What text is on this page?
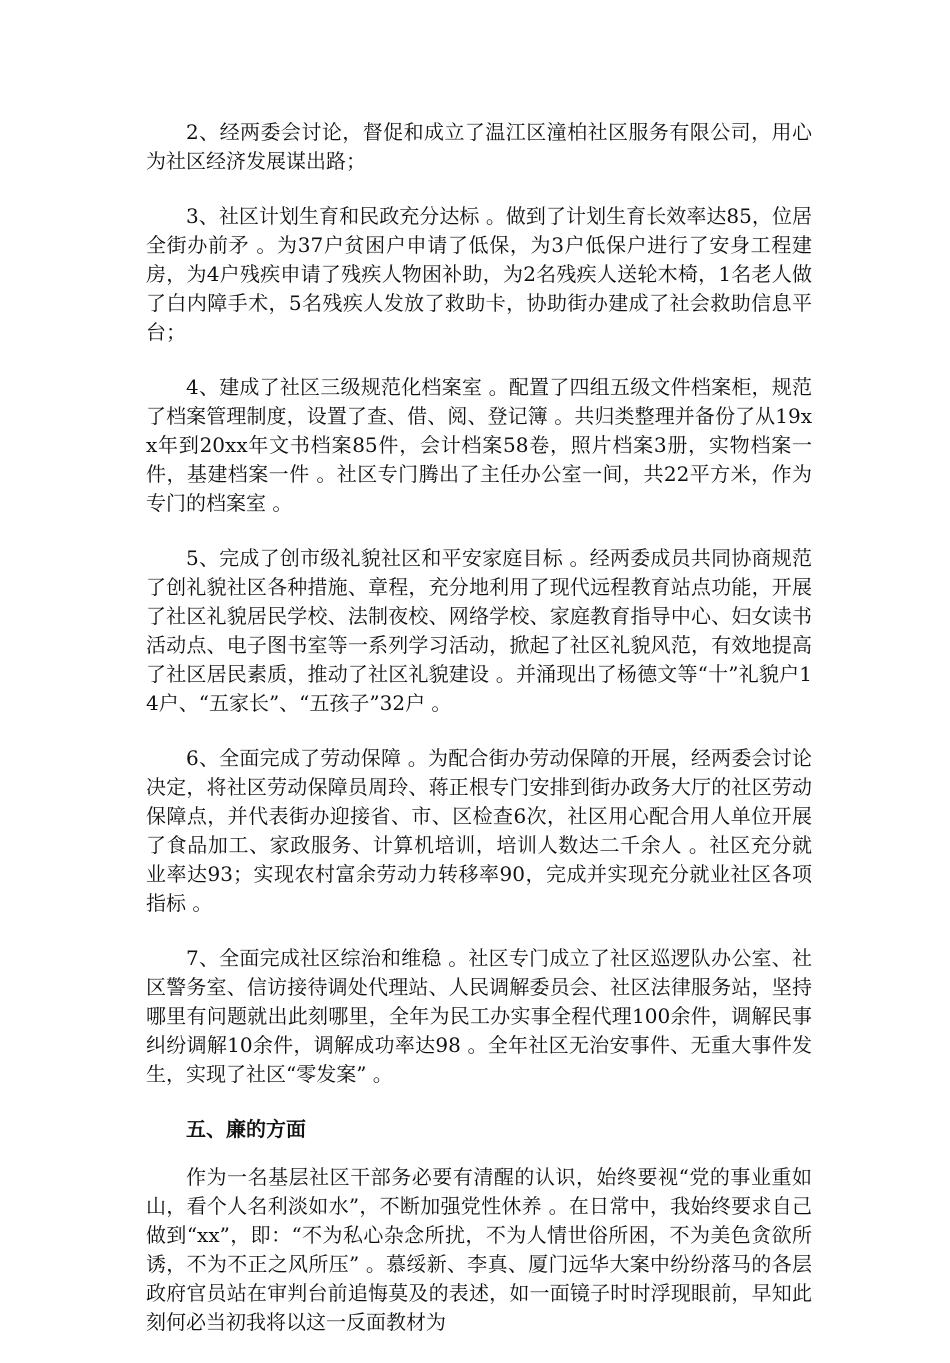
2、经两委会讨论，督促和成立了温江区潼柏社区服务有限公司，用心为社区经济发展谋出路；

3、社区计划生育和民政充分达标 。做到了计划生育长效率达85，位居全街办前矛 。为37户贫困户申请了低保，为3户低保户进行了安身工程建房，为4户残疾申请了残疾人物困补助，为2名残疾人送轮木椅，1名老人做了白内障手术，5名残疾人发放了救助卡，协助街办建成了社会救助信息平台；

4、建成了社区三级规范化档案室 。配置了四组五级文件档案柜，规范了档案管理制度，设置了查、借、阅、登记簿 。共归类整理并备份了从19xx年到20xx年文书档案85件，会计档案58卷，照片档案3册，实物档案一件，基建档案一件 。社区专门腾出了主任办公室一间，共22平方米，作为专门的档案室 。

5、完成了创市级礼貌社区和平安家庭目标 。经两委成员共同协商规范了创礼貌社区各种措施、章程，充分地利用了现代远程教育站点功能，开展了社区礼貌居民学校、法制夜校、网络学校、家庭教育指导中心、妇女读书活动点、电子图书室等一系列学习活动，掀起了社区礼貌风范，有效地提高了社区居民素质，推动了社区礼貌建设 。并涌现出了杨德文等“十”礼貌户14户、“五家长”、“五孩子”32户 。

6、全面完成了劳动保障 。为配合街办劳动保障的开展，经两委会讨论决定，将社区劳动保障员周玲、蒋正根专门安排到街办政务大厅的社区劳动保障点，并代表街办迎接省、市、区检查6次，社区用心配合用人单位开展了食品加工、家政服务、计算机培训，培训人数达二千余人 。社区充分就业率达93；实现农村富余劳动力转移率90，完成并实现充分就业社区各项指标 。

7、全面完成社区综治和维稳 。社区专门成立了社区巡逻队办公室、社区警务室、信访接待调处代理站、人民调解委员会、社区法律服务站，坚持哪里有问题就出此刻哪里，全年为民工办实事全程代理100余件，调解民事纠纷调解10余件，调解成功率达98 。全年社区无治安事件、无重大事件发生，实现了社区“零发案” 。

五、廉的方面

作为一名基层社区干部务必要有清醒的认识，始终要视“党的事业重如山，看个人名利淡如水”，不断加强党性休养 。在日常中，我始终要求自己做到“xx”，即：“不为私心杂念所扰，不为人情世俗所困，不为美色贪欲所诱，不为不正之风所压” 。慕绥新、李真、厦门远华大案中纷纷落马的各层政府官员站在审判台前追悔莫及的表述，如一面镜子时时浮现眼前，早知此刻何必当初我将以这一反面教材为
